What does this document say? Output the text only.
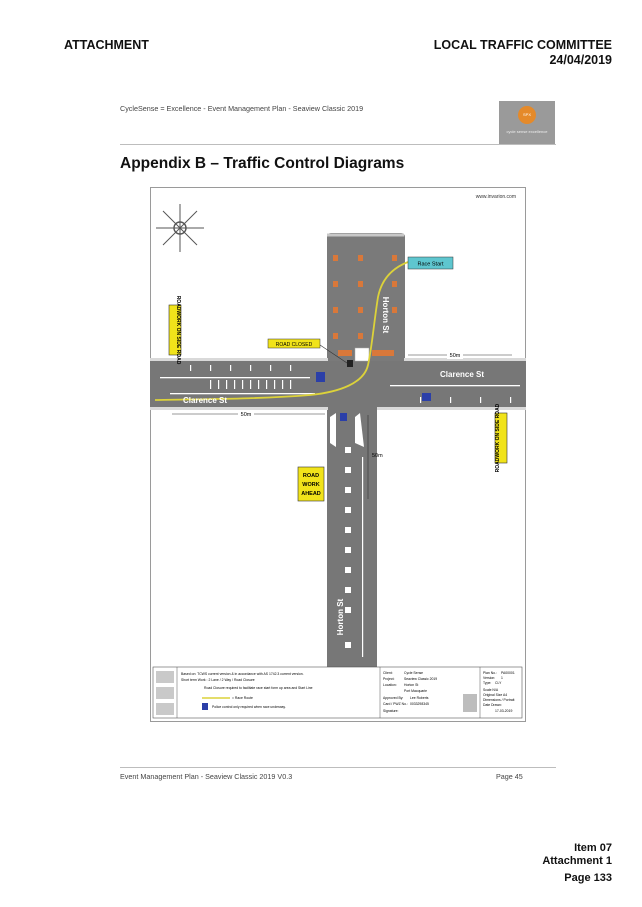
ATTACHMENT	LOCAL TRAFFIC COMMITTEE
24/04/2019
CycleSense = Excellence - Event Management Plan - Seaview Classic 2019
SPX
cycle sense excellence
Appendix B – Traffic Control Diagrams
www.invarion.com
Race Start
ROAD CLOSED
ROADWORK ON SIDE ROAD
ROADWORK ON SIDE ROAD
ROAD
WORK
AHEAD
Clarence St
Clarence St
Horton St
Horton St
50m
50m
50m
Based on: TCWS current version & in accordance with AS 1742.3 current version.
Short term Work : 2 Lane / 2 Way / Road Closure
Road Closure required to facilitate race start form up area and Start Line
= Race Route
Police control only required when race underway.
Client:	Cycle Sense
Project:	Seaview Classic 2019
Location: Horton St
Port Macquarie
Approved By: Lee Roberts
Card / PWZ No.: 0033298345
Signature:
Plan No.: PA00001
Version: 1
Type: CLY
Scale N/A
Original Size A4
Dimensions / Portrait
Date Drawn:
17-03-2019
Event Management Plan - Seaview Classic 2019 V0.3	Page 45
Item 07
Attachment 1
Page 133
